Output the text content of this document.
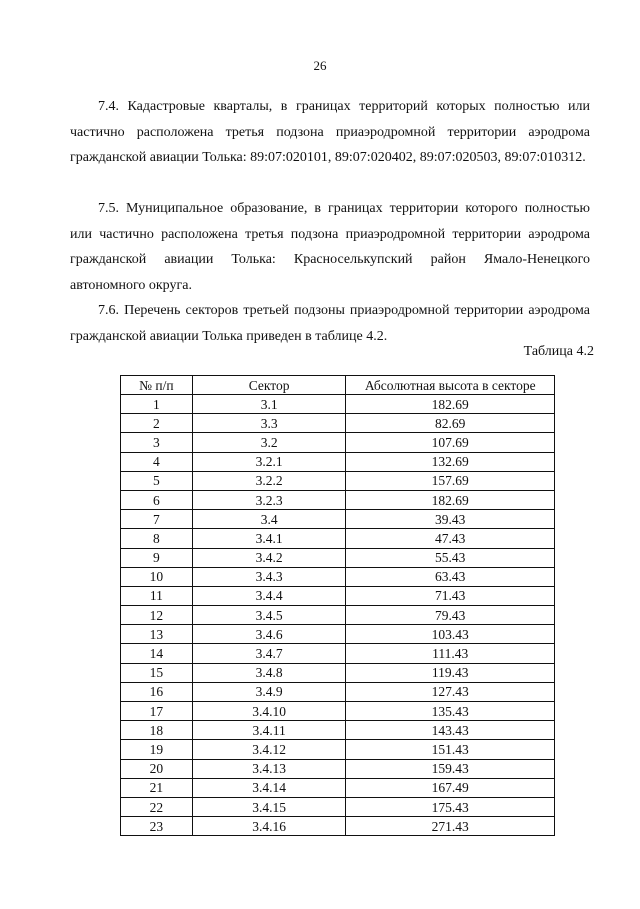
26

7.4. Кадастровые кварталы, в границах территорий которых полностью или частично расположена третья подзона приаэродромной территории аэродрома гражданской авиации Толька: 89:07:020101, 89:07:020402, 89:07:020503, 89:07:010312.

7.5. Муниципальное образование, в границах территории которого полностью или частично расположена третья подзона приаэродромной территории аэродрома гражданской авиации Толька: Красноселькупский район Ямало-Ненецкого автономного округа.

7.6. Перечень секторов третьей подзоны приаэродромной территории аэродрома гражданской авиации Толька приведен в таблице 4.2.

Таблица 4.2
№ п/п	Сектор	Абсолютная высота в секторе
1	3.1	182.69
2	3.3	82.69
3	3.2	107.69
4	3.2.1	132.69
5	3.2.2	157.69
6	3.2.3	182.69
7	3.4	39.43
8	3.4.1	47.43
9	3.4.2	55.43
10	3.4.3	63.43
11	3.4.4	71.43
12	3.4.5	79.43
13	3.4.6	103.43
14	3.4.7	111.43
15	3.4.8	119.43
16	3.4.9	127.43
17	3.4.10	135.43
18	3.4.11	143.43
19	3.4.12	151.43
20	3.4.13	159.43
21	3.4.14	167.49
22	3.4.15	175.43
23	3.4.16	271.43
